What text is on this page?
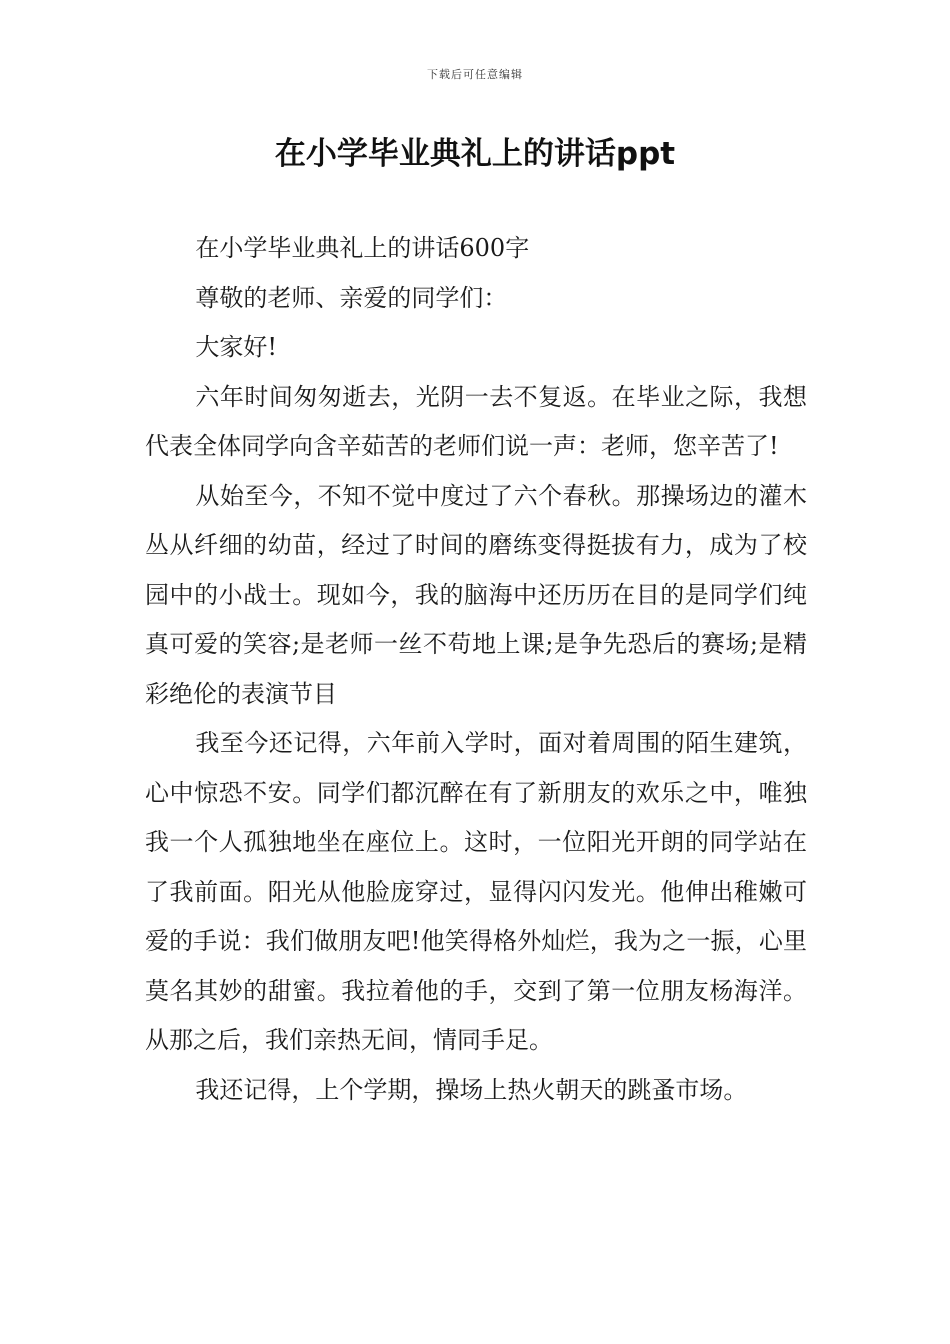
下载后可任意编辑
在小学毕业典礼上的讲话ppt

在小学毕业典礼上的讲话600字

尊敬的老师、亲爱的同学们：

大家好!

六年时间匆匆逝去，光阴一去不复返。在毕业之际，我想代表全体同学向含辛茹苦的老师们说一声：老师，您辛苦了!

从始至今，不知不觉中度过了六个春秋。那操场边的灌木丛从纤细的幼苗，经过了时间的磨练变得挺拔有力，成为了校园中的小战士。现如今，我的脑海中还历历在目的是同学们纯真可爱的笑容;是老师一丝不苟地上课;是争先恐后的赛场;是精彩绝伦的表演节目

我至今还记得，六年前入学时，面对着周围的陌生建筑，心中惊恐不安。同学们都沉醉在有了新朋友的欢乐之中，唯独我一个人孤独地坐在座位上。这时，一位阳光开朗的同学站在了我前面。阳光从他脸庞穿过，显得闪闪发光。他伸出稚嫩可爱的手说：我们做朋友吧!他笑得格外灿烂，我为之一振，心里莫名其妙的甜蜜。我拉着他的手，交到了第一位朋友杨海洋。从那之后，我们亲热无间，情同手足。

我还记得，上个学期，操场上热火朝天的跳蚤市场。
